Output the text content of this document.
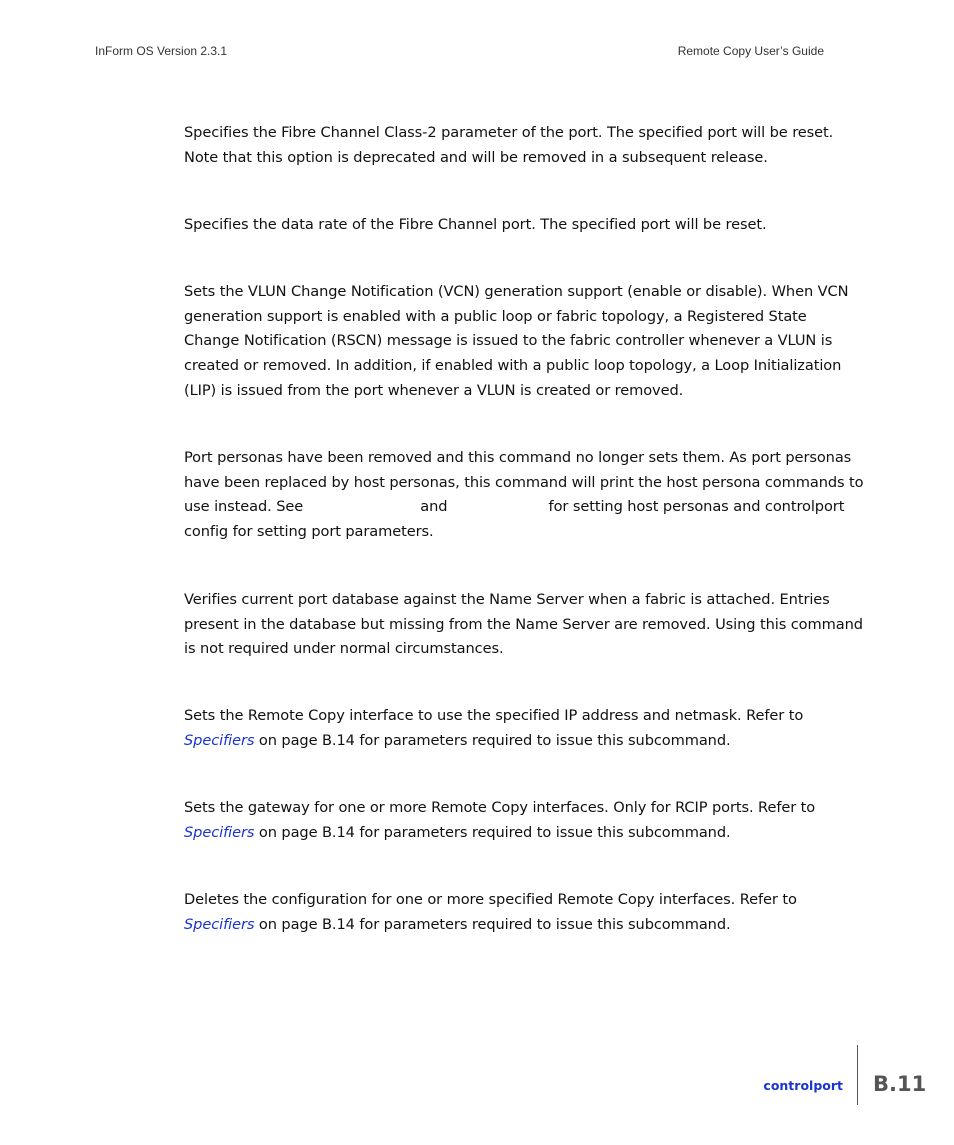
InForm OS Version 2.3.1	Remote Copy User’s Guide

Specifies the Fibre Channel Class-2 parameter of the port. The specified port will be reset. Note that this option is deprecated and will be removed in a subsequent release.

Specifies the data rate of the Fibre Channel port. The specified port will be reset.

Sets the VLUN Change Notification (VCN) generation support (enable or disable). When VCN generation support is enabled with a public loop or fabric topology, a Registered State Change Notification (RSCN) message is issued to the fabric controller whenever a VLUN is created or removed. In addition, if enabled with a public loop topology, a Loop Initialization (LIP) is issued from the port whenever a VLUN is created or removed.

Port personas have been removed and this command no longer sets them. As port personas have been replaced by host personas, this command will print the host persona commands to use instead. See	and	for setting host personas and controlport config for setting port parameters.

Verifies current port database against the Name Server when a fabric is attached. Entries present in the database but missing from the Name Server are removed. Using this command is not required under normal circumstances.

Sets the Remote Copy interface to use the specified IP address and netmask. Refer to
Specifiers on page B.14 for parameters required to issue this subcommand.

Sets the gateway for one or more Remote Copy interfaces. Only for RCIP ports. Refer to
Specifiers on page B.14 for parameters required to issue this subcommand.

Deletes the configuration for one or more specified Remote Copy interfaces. Refer to
Specifiers on page B.14 for parameters required to issue this subcommand.

controlport B.11
